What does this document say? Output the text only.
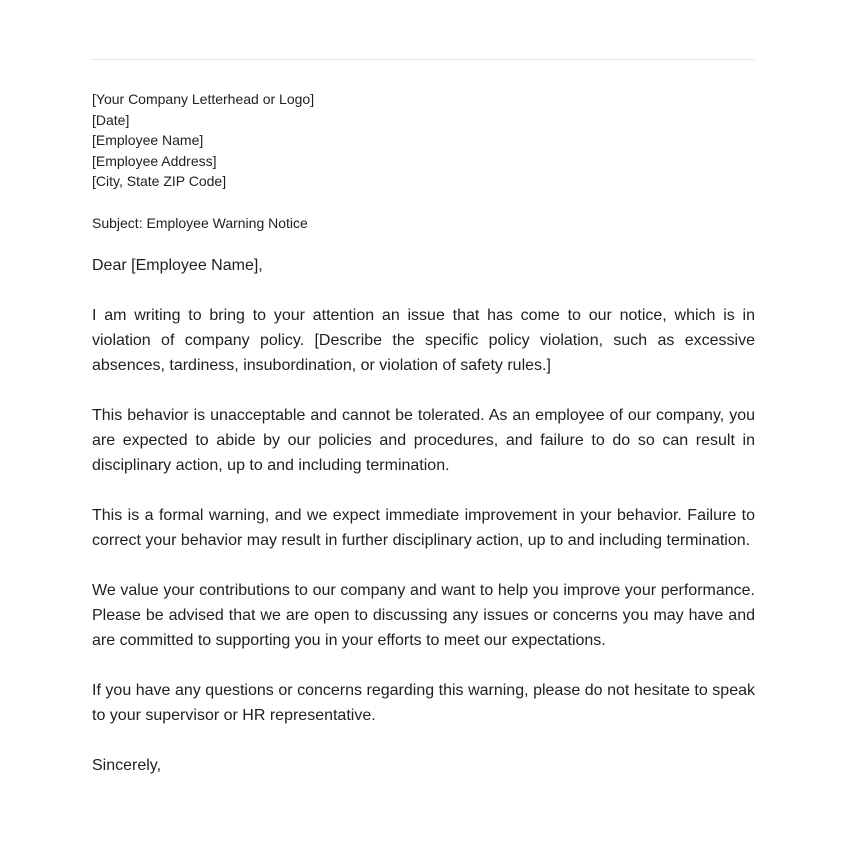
[Your Company Letterhead or Logo]
[Date]
[Employee Name]
[Employee Address]
[City, State ZIP Code]

Subject: Employee Warning Notice

Dear [Employee Name],

I am writing to bring to your attention an issue that has come to our notice, which is in violation of company policy. [Describe the specific policy violation, such as excessive absences, tardiness, insubordination, or violation of safety rules.]

This behavior is unacceptable and cannot be tolerated. As an employee of our company, you are expected to abide by our policies and procedures, and failure to do so can result in disciplinary action, up to and including termination.

This is a formal warning, and we expect immediate improvement in your behavior. Failure to correct your behavior may result in further disciplinary action, up to and including termination.

We value your contributions to our company and want to help you improve your performance. Please be advised that we are open to discussing any issues or concerns you may have and are committed to supporting you in your efforts to meet our expectations.

If you have any questions or concerns regarding this warning, please do not hesitate to speak to your supervisor or HR representative.

Sincerely,
